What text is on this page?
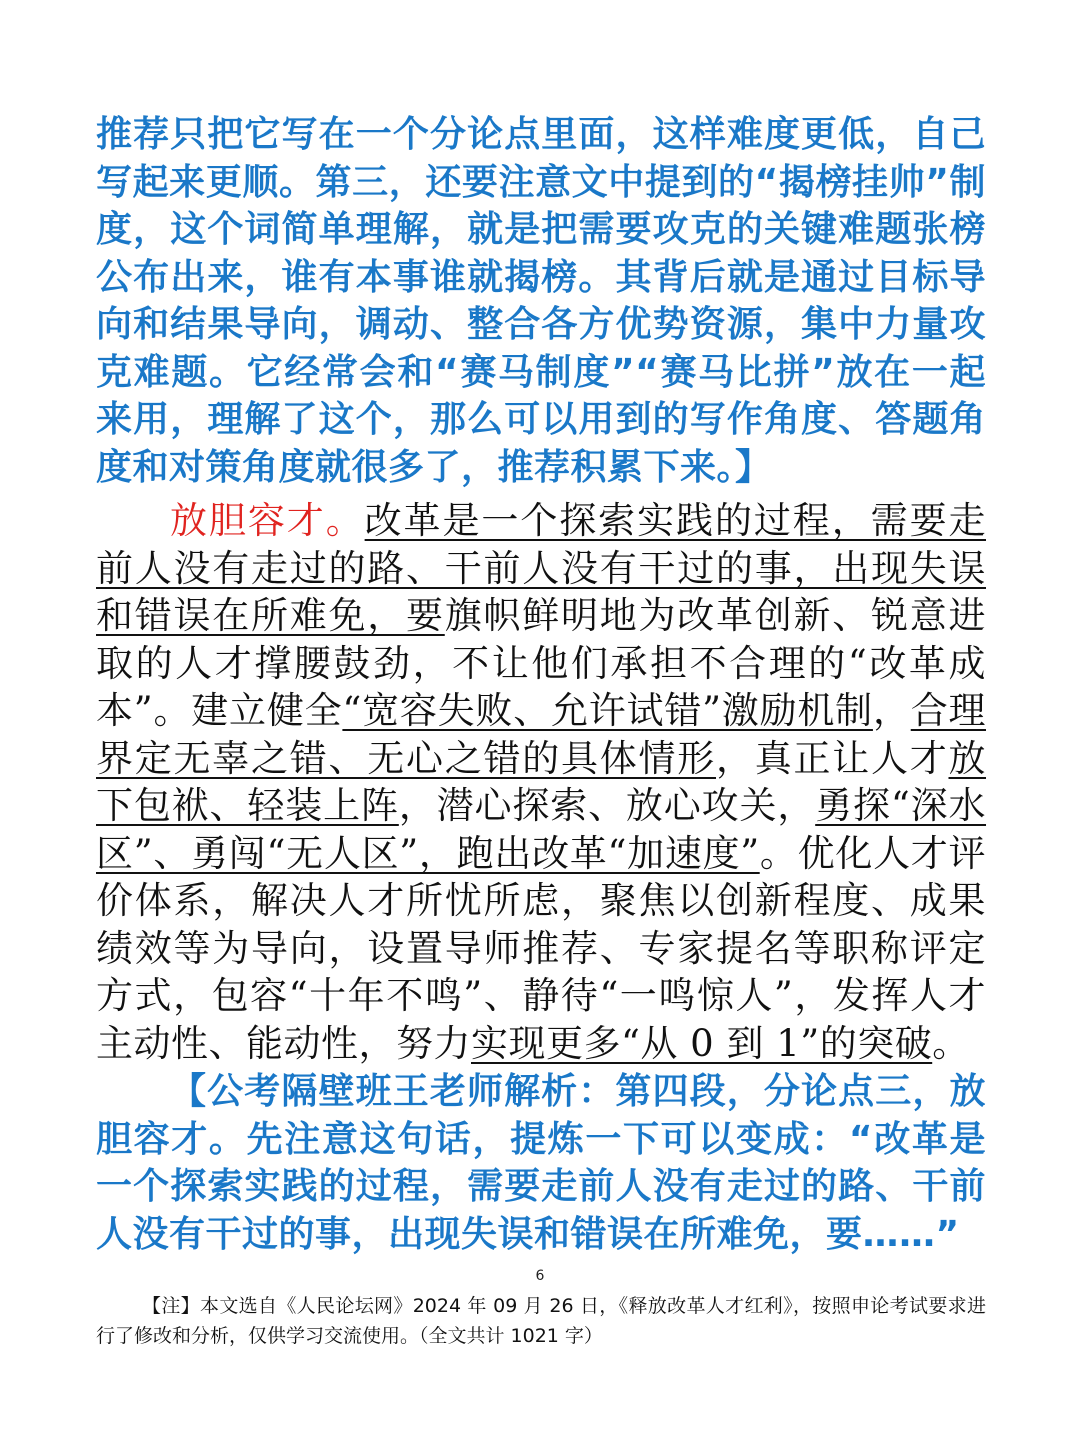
推荐只把它写在一个分论点里面，这样难度更低，自己写起来更顺。第三，还要注意文中提到的“揭榜挂帅”制度，这个词简单理解，就是把需要攻克的关键难题张榜公布出来，谁有本事谁就揭榜。其背后就是通过目标导向和结果导向，调动、整合各方优势资源，集中力量攻克难题。它经常会和“赛马制度”“赛马比拼”放在一起来用，理解了这个，那么可以用到的写作角度、答题角度和对策角度就很多了，推荐积累下来。】

放胆容才。改革是一个探索实践的过程，需要走前人没有走过的路、干前人没有干过的事，出现失误和错误在所难免，要旗帜鲜明地为改革创新、锐意进取的人才撑腰鼓劲，不让他们承担不合理的“改革成本”。建立健全“宽容失败、允许试错”激励机制，合理界定无辜之错、无心之错的具体情形，真正让人才放下包袱、轻装上阵，潜心探索、放心攻关，勇探“深水区”、勇闯“无人区”，跑出改革“加速度”。优化人才评价体系，解决人才所忧所虑，聚焦以创新程度、成果绩效等为导向，设置导师推荐、专家提名等职称评定方式，包容“十年不鸣”、静待“一鸣惊人”，发挥人才主动性、能动性，努力实现更多“从 0 到 1”的突破。

【公考隔壁班王老师解析：第四段，分论点三，放胆容才。先注意这句话，提炼一下可以变成：“改革是一个探索实践的过程，需要走前人没有走过的路、干前人没有干过的事，出现失误和错误在所难免，要……”

6
【注】本文选自《人民论坛网》2024 年 09 月 26 日，《释放改革人才红利》，按照申论考试要求进行了修改和分析，仅供学习交流使用。（全文共计 1021 字）
